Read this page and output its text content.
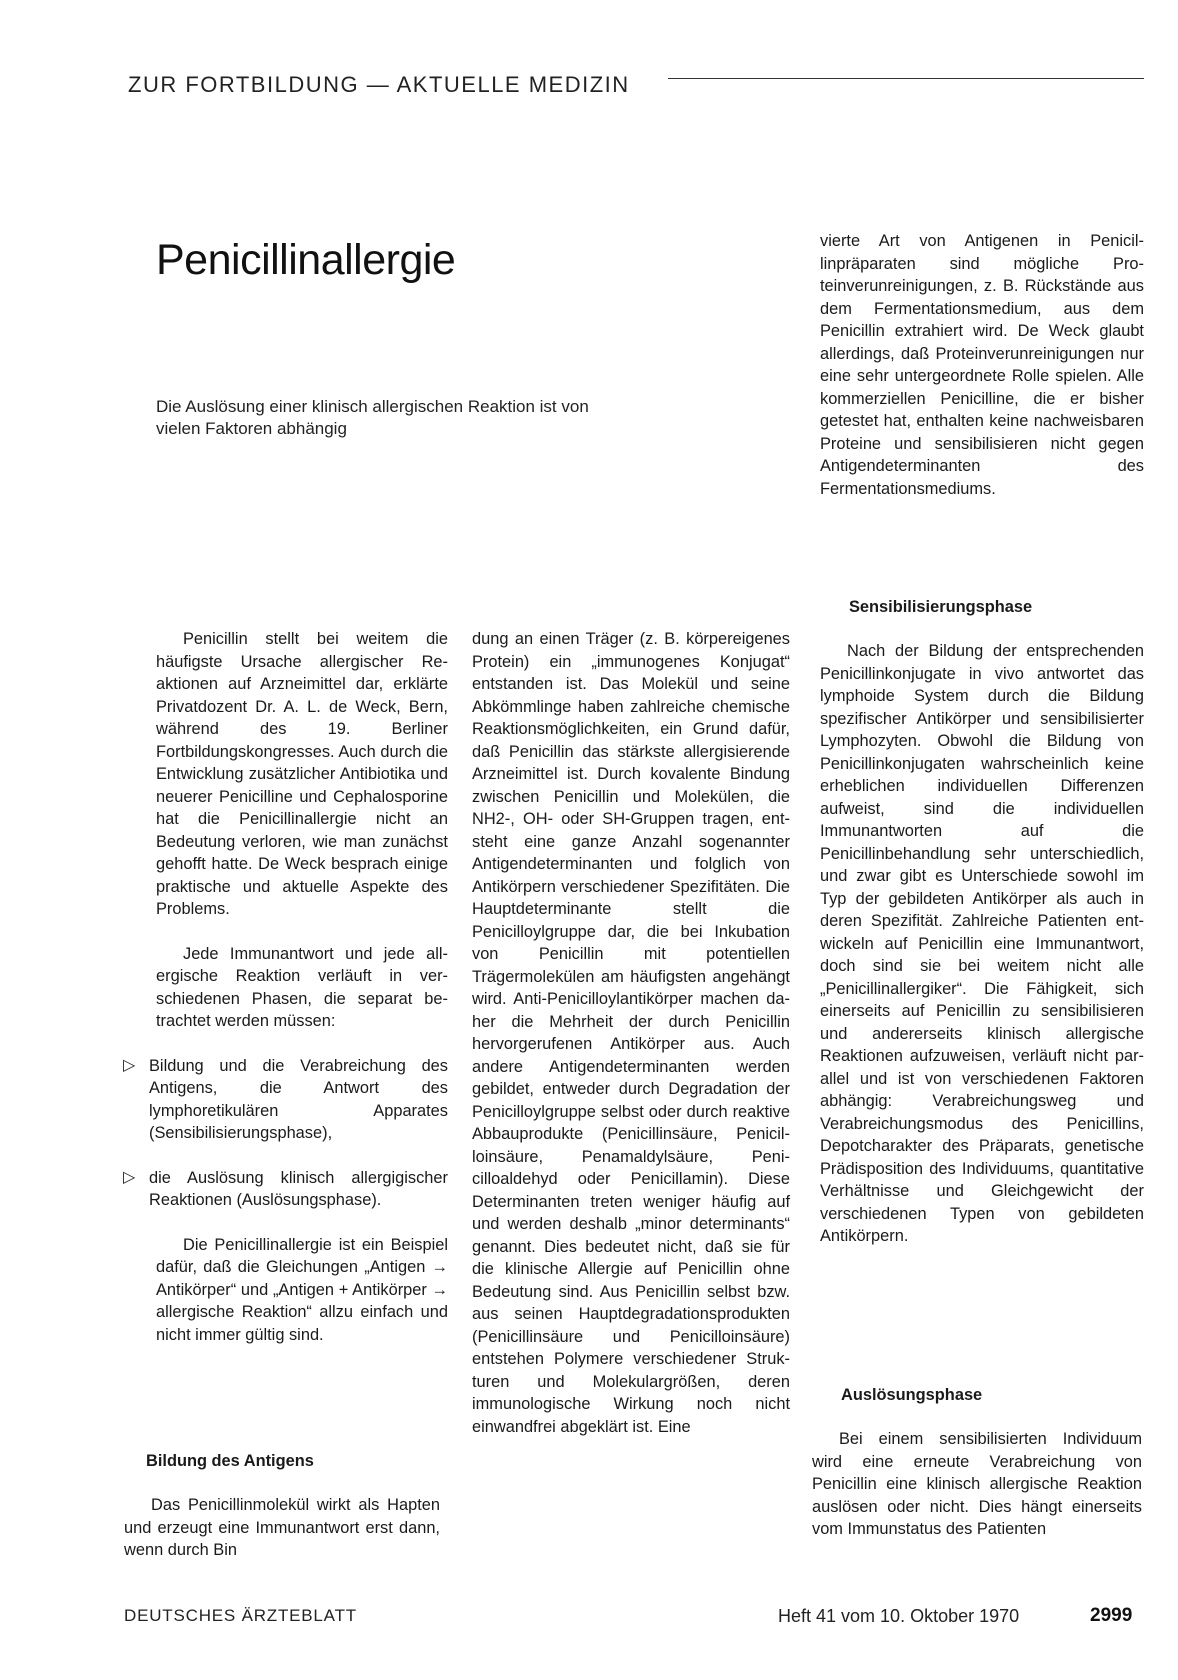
ZUR FORTBILDUNG — AKTUELLE MEDIZIN
Penicillinallergie

Die Auslösung einer klinisch allergischen Reaktion ist von vielen Faktoren abhängig

vierte Art von Antigenen in Penicillinpräparaten sind mögliche Proteinverunreinigungen, z. B. Rückstände aus dem Fermentationsmedium, aus dem Penicillin extrahiert wird. De Weck glaubt allerdings, daß Proteinverunreinigungen nur eine sehr untergeordnete Rolle spielen. Alle kommerziellen Penicilline, die er bisher getestet hat, enthalten keine nachweisbaren Proteine und sensibilisieren nicht gegen Antigendeterminanten des Fermentationsmediums.

Penicillin stellt bei weitem die häufigste Ursache allergischer Reaktionen auf Arzneimittel dar, erklärte Privatdozent Dr. A. L. de Weck, Bern, während des 19. Berliner Fortbildungskongresses. Auch durch die Entwicklung zusätzlicher Antibiotika und neuerer Penicilline und Cephalosporine hat die Penicillinallergie nicht an Bedeutung verloren, wie man zunächst gehofft hatte. De Weck besprach einige praktische und aktuelle Aspekte des Problems.

Jede Immunantwort und jede allergische Reaktion verläuft in verschiedenen Phasen, die separat betrachtet werden müssen:

▷ Bildung und die Verabreichung des Antigens, die Antwort des lymphoretikulären Apparates (Sensibilisierungsphase),

▷ die Auslösung klinisch allergigischer Reaktionen (Auslösungsphase).

Die Penicillinallergie ist ein Beispiel dafür, daß die Gleichungen „Antigen → Antikörper“ und „Antigen + Antikörper → allergische Reaktion“ allzu einfach und nicht immer gültig sind.

Bildung des Antigens

Das Penicillinmolekül wirkt als Hapten und erzeugt eine Immunantwort erst dann, wenn durch Bin

dung an einen Träger (z. B. körpereigenes Protein) ein „immunogenes Konjugat“ entstanden ist. Das Molekül und seine Abkömmlinge haben zahlreiche chemische Reaktionsmöglichkeiten, ein Grund dafür, daß Penicillin das stärkste allergisierende Arzneimittel ist. Durch kovalente Bindung zwischen Penicillin und Molekülen, die NH2-, OH- oder SH-Gruppen tragen, entsteht eine ganze Anzahl sogenannter Antigendeterminanten und folglich von Antikörpern verschiedener Spezifitäten. Die Hauptdeterminante stellt die Penicilloylgruppe dar, die bei Inkubation von Penicillin mit potentiellen Trägermolekülen am häufigsten angehängt wird. Anti-Penicilloylantikörper machen daher die Mehrheit der durch Penicillin hervorgerufenen Antikörper aus. Auch andere Antigendeterminanten werden gebildet, entweder durch Degradation der Penicilloylgruppe selbst oder durch reaktive Abbauprodukte (Penicillinsäure, Penicilloinsäure, Penamaldylsäure, Penicilloaldehyd oder Penicillamin). Diese Determinanten treten weniger häufig auf und werden deshalb „minor determinants“ genannt. Dies bedeutet nicht, daß sie für die klinische Allergie auf Penicillin ohne Bedeutung sind. Aus Penicillin selbst bzw. aus seinen Hauptdegradationsprodukten (Penicillinsäure und Penicilloinsäure) entstehen Polymere verschiedener Strukturen und Molekulargrößen, deren immunologische Wirkung noch nicht einwandfrei abgeklärt ist. Eine

Sensibilisierungsphase

Nach der Bildung der entsprechenden Penicillinkonjugate in vivo antwortet das lymphoide System durch die Bildung spezifischer Antikörper und sensibilisierter Lymphozyten. Obwohl die Bildung von Penicillinkonjugaten wahrscheinlich keine erheblichen individuellen Differenzen aufweist, sind die individuellen Immunantworten auf die Penicillinbehandlung sehr unterschiedlich, und zwar gibt es Unterschiede sowohl im Typ der gebildeten Antikörper als auch in deren Spezifität. Zahlreiche Patienten entwickeln auf Penicillin eine Immunantwort, doch sind sie bei weitem nicht alle „Penicillinallergiker“. Die Fähigkeit, sich einerseits auf Penicillin zu sensibilisieren und andererseits klinisch allergische Reaktionen aufzuweisen, verläuft nicht parallel und ist von verschiedenen Faktoren abhängig: Verabreichungsweg und Verabreichungsmodus des Penicillins, Depotcharakter des Präparats, genetische Prädisposition des Individuums, quantitative Verhältnisse und Gleichgewicht der verschiedenen Typen von gebildeten Antikörpern.

Auslösungsphase

Bei einem sensibilisierten Individuum wird eine erneute Verabreichung von Penicillin eine klinisch allergische Reaktion auslösen oder nicht. Dies hängt einerseits vom Immunstatus des Patienten

DEUTSCHES ÄRZTEBLATT	Heft 41 vom 10. Oktober 1970	2999
